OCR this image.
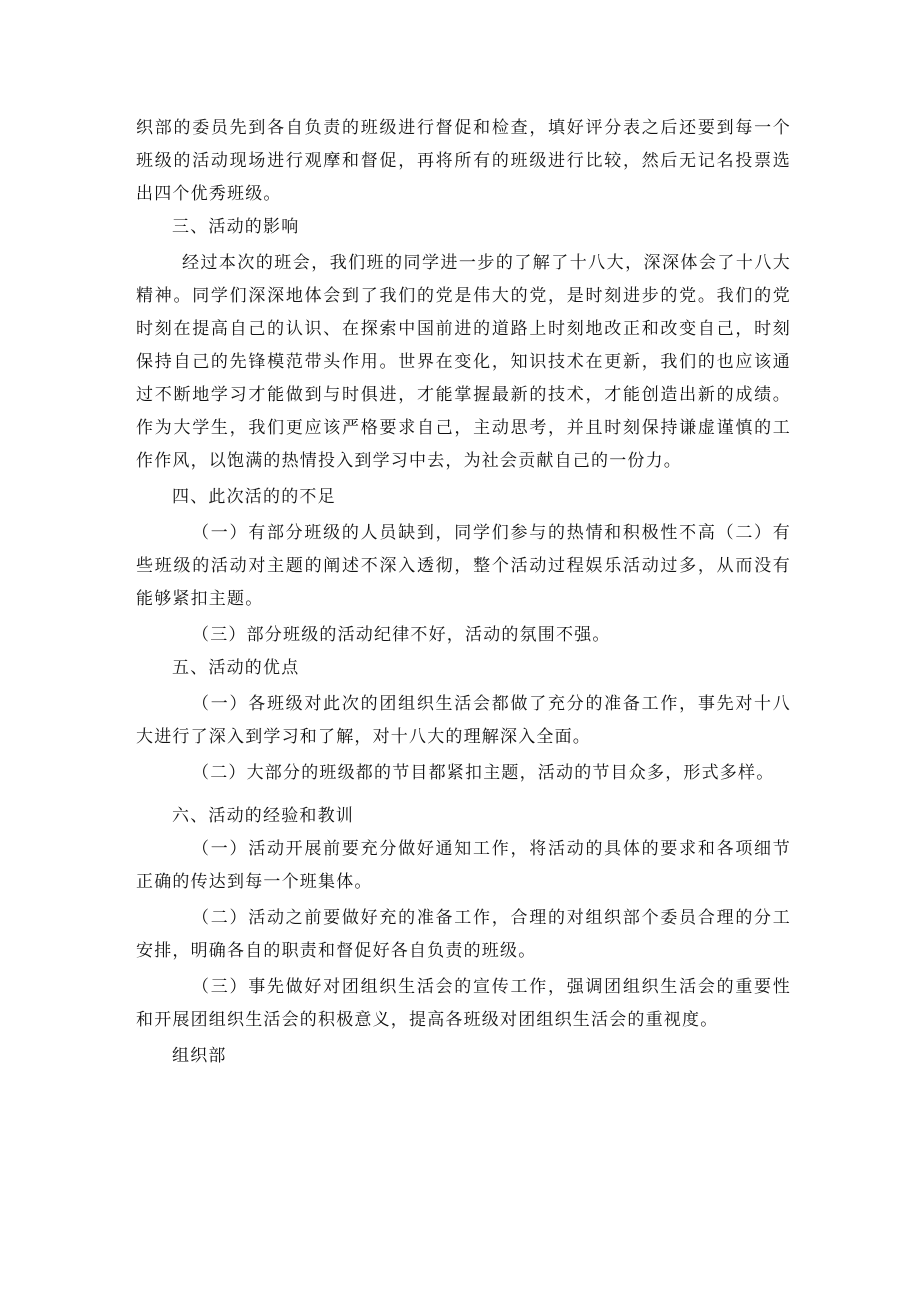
织部的委员先到各自负责的班级进行督促和检查，填好评分表之后还要到每一个班级的活动现场进行观摩和督促，再将所有的班级进行比较，然后无记名投票选出四个优秀班级。

三、活动的影响

经过本次的班会，我们班的同学进一步的了解了十八大，深深体会了十八大精神。同学们深深地体会到了我们的党是伟大的党，是时刻进步的党。我们的党时刻在提高自己的认识、在探索中国前进的道路上时刻地改正和改变自己，时刻保持自己的先锋模范带头作用。世界在变化，知识技术在更新，我们的也应该通过不断地学习才能做到与时俱进，才能掌握最新的技术，才能创造出新的成绩。作为大学生，我们更应该严格要求自己，主动思考，并且时刻保持谦虚谨慎的工作作风，以饱满的热情投入到学习中去，为社会贡献自己的一份力。

四、此次活的的不足

（一）有部分班级的人员缺到，同学们参与的热情和积极性不高（二）有些班级的活动对主题的阐述不深入透彻，整个活动过程娱乐活动过多，从而没有能够紧扣主题。

（三）部分班级的活动纪律不好，活动的氛围不强。

五、活动的优点

（一）各班级对此次的团组织生活会都做了充分的准备工作，事先对十八大进行了深入到学习和了解，对十八大的理解深入全面。

（二）大部分的班级都的节目都紧扣主题，活动的节目众多，形式多样。

六、活动的经验和教训

（一）活动开展前要充分做好通知工作，将活动的具体的要求和各项细节正确的传达到每一个班集体。

（二）活动之前要做好充的准备工作，合理的对组织部个委员合理的分工安排，明确各自的职责和督促好各自负责的班级。

（三）事先做好对团组织生活会的宣传工作，强调团组织生活会的重要性和开展团组织生活会的积极意义，提高各班级对团组织生活会的重视度。

组织部
